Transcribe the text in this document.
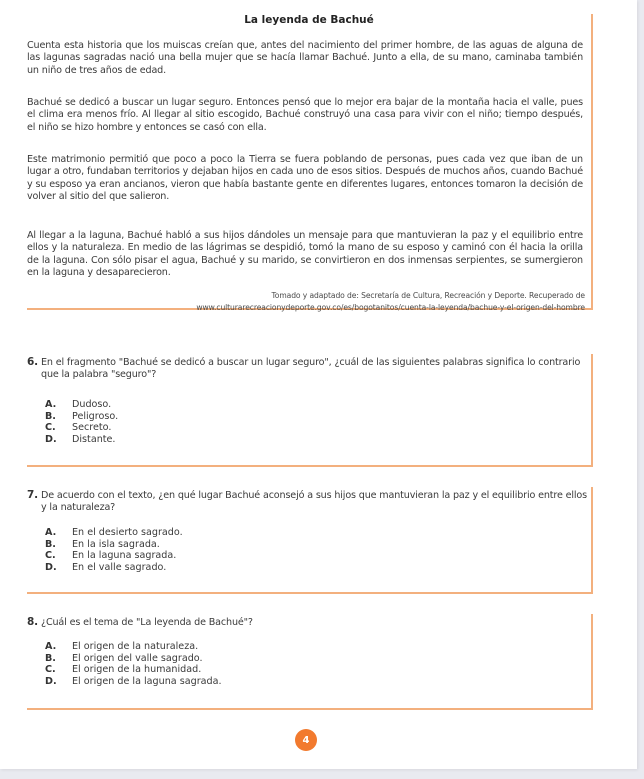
La leyenda de Bachué

Cuenta esta historia que los muiscas creían que, antes del nacimiento del primer hombre, de las aguas de alguna de las lagunas sagradas nació una bella mujer que se hacía llamar Bachué. Junto a ella, de su mano, caminaba también un niño de tres años de edad.

Bachué se dedicó a buscar un lugar seguro. Entonces pensó que lo mejor era bajar de la montaña hacia el valle, pues el clima era menos frío. Al llegar al sitio escogido, Bachué construyó una casa para vivir con el niño; tiempo después, el niño se hizo hombre y entonces se casó con ella.

Este matrimonio permitió que poco a poco la Tierra se fuera poblando de personas, pues cada vez que iban de un lugar a otro, fundaban territorios y dejaban hijos en cada uno de esos sitios. Después de muchos años, cuando Bachué y su esposo ya eran ancianos, vieron que había bastante gente en diferentes lugares, entonces tomaron la decisión de volver al sitio del que salieron.

Al llegar a la laguna, Bachué habló a sus hijos dándoles un mensaje para que mantuvieran la paz y el equilibrio entre ellos y la naturaleza. En medio de las lágrimas se despidió, tomó la mano de su esposo y caminó con él hacia la orilla de la laguna. Con sólo pisar el agua, Bachué y su marido, se convirtieron en dos inmensas serpientes, se sumergieron en la laguna y desaparecieron.

Tomado y adaptado de: Secretaría de Cultura, Recreación y Deporte. Recuperado de
www.culturarecreacionydeporte.gov.co/es/bogotanitos/cuenta-la-leyenda/bachue-y-el-origen-del-hombre
6. En el fragmento "Bachué se dedicó a buscar un lugar seguro", ¿cuál de las siguientes palabras significa lo contrario que la palabra "seguro"?
A. Dudoso.
B. Peligroso.
C. Secreto.
D. Distante.
7. De acuerdo con el texto, ¿en qué lugar Bachué aconsejó a sus hijos que mantuvieran la paz y el equilibrio entre ellos y la naturaleza?
A. En el desierto sagrado.
B. En la isla sagrada.
C. En la laguna sagrada.
D. En el valle sagrado.
8. ¿Cuál es el tema de "La leyenda de Bachué"?
A. El origen de la naturaleza.
B. El origen del valle sagrado.
C. El origen de la humanidad.
D. El origen de la laguna sagrada.
4
